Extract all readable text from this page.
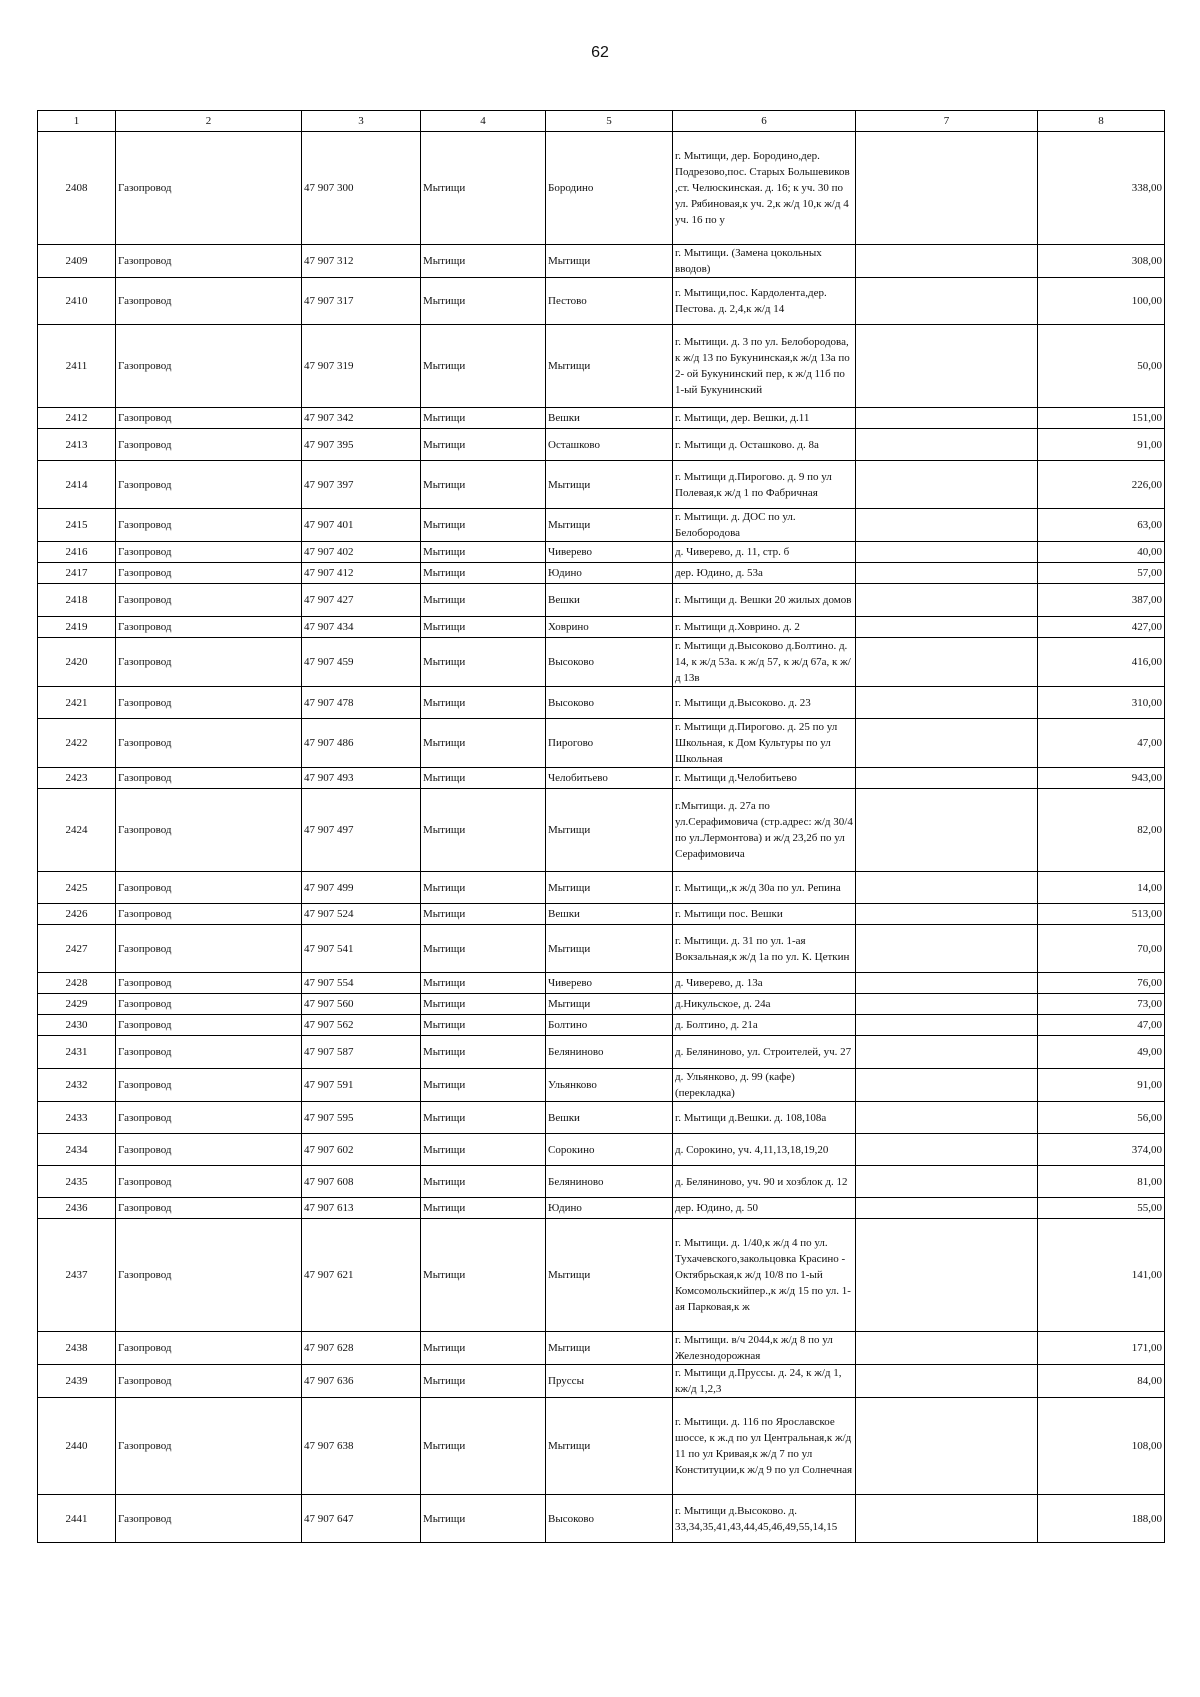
62
1	2	3	4	5	6	7	8
2408	Газопровод	47 907 300	Мытищи	Бородино	г. Мытищи, дер. Бородино,дер. Подрезово,пос. Старых Большевиков ,ст. Челюскинская. д. 16; к уч. 30 по ул. Рябиновая,к уч. 2,к ж/д 10,к ж/д 4 уч. 16 по у		338,00
2409	Газопровод	47 907 312	Мытищи	Мытищи	г. Мытищи. (Замена цокольных вводов)		308,00
2410	Газопровод	47 907 317	Мытищи	Пестово	г. Мытищи,пос. Кардолента,дер. Пестова. д. 2,4,к ж/д 14		100,00
2411	Газопровод	47 907 319	Мытищи	Мытищи	г. Мытищи. д. 3 по ул. Белобородова, к ж/д 13 по Букунинская,к ж/д 13а по 2- ой Букунинский пер, к ж/д 11б по 1-ый Букунинский		50,00
2412	Газопровод	47 907 342	Мытищи	Вешки	г. Мытищи, дер. Вешки, д.11		151,00
2413	Газопровод	47 907 395	Мытищи	Осташково	г. Мытищи д. Осташково. д. 8а		91,00
2414	Газопровод	47 907 397	Мытищи	Мытищи	г. Мытищи д.Пирогово. д. 9 по ул Полевая,к ж/д 1 по Фабричная		226,00
2415	Газопровод	47 907 401	Мытищи	Мытищи	г. Мытищи. д. ДОС по ул. Белобородова		63,00
2416	Газопровод	47 907 402	Мытищи	Чиверево	д. Чиверево, д. 11, стр. б		40,00
2417	Газопровод	47 907 412	Мытищи	Юдино	дер. Юдино, д. 53а		57,00
2418	Газопровод	47 907 427	Мытищи	Вешки	г. Мытищи д. Вешки 20 жилых домов		387,00
2419	Газопровод	47 907 434	Мытищи	Ховрино	г. Мытищи д.Ховрино. д. 2		427,00
2420	Газопровод	47 907 459	Мытищи	Высоково	г. Мытищи д.Высоково д.Болтино. д. 14, к ж/д 53а. к ж/д 57, к ж/д 67а, к ж/д 13в		416,00
2421	Газопровод	47 907 478	Мытищи	Высоково	г. Мытищи д.Высоково. д. 23		310,00
2422	Газопровод	47 907 486	Мытищи	Пирогово	г. Мытищи д.Пирогово. д. 25 по ул Школьная, к Дом Культуры по ул Школьная		47,00
2423	Газопровод	47 907 493	Мытищи	Челобитьево	г. Мытищи д.Челобитьево		943,00
2424	Газопровод	47 907 497	Мытищи	Мытищи	г.Мытищи. д. 27а по ул.Серафимовича (стр.адрес: ж/д 30/4 по ул.Лермонтова) и ж/д 23,2б по ул Серафимовича		82,00
2425	Газопровод	47 907 499	Мытищи	Мытищи	г. Мытищи,,к ж/д 30а по ул. Репина		14,00
2426	Газопровод	47 907 524	Мытищи	Вешки	г. Мытищи пос. Вешки		513,00
2427	Газопровод	47 907 541	Мытищи	Мытищи	г. Мытищи. д. 31 по ул. 1-ая Вокзальная,к ж/д 1а по ул. К. Цеткин		70,00
2428	Газопровод	47 907 554	Мытищи	Чиверево	д. Чиверево, д. 13а		76,00
2429	Газопровод	47 907 560	Мытищи	Мытищи	д.Никульское, д. 24а		73,00
2430	Газопровод	47 907 562	Мытищи	Болтино	д. Болтино, д. 21а		47,00
2431	Газопровод	47 907 587	Мытищи	Беляниново	д. Беляниново, ул. Строителей, уч. 27		49,00
2432	Газопровод	47 907 591	Мытищи	Ульянково	д. Ульянково, д. 99 (кафе) (перекладка)		91,00
2433	Газопровод	47 907 595	Мытищи	Вешки	г. Мытищи д.Вешки. д. 108,108а		56,00
2434	Газопровод	47 907 602	Мытищи	Сорокино	д. Сорокино, уч. 4,11,13,18,19,20		374,00
2435	Газопровод	47 907 608	Мытищи	Беляниново	д. Беляниново, уч. 90 и хозблок д. 12		81,00
2436	Газопровод	47 907 613	Мытищи	Юдино	дер. Юдино, д. 50		55,00
2437	Газопровод	47 907 621	Мытищи	Мытищи	г. Мытищи. д. 1/40,к ж/д 4 по ул. Тухачевского,закольцовка Красино - Октябрьская,к ж/д 10/8 по 1-ый Комсомольскийпер.,к ж/д 15 по ул. 1-ая Парковая,к ж		141,00
2438	Газопровод	47 907 628	Мытищи	Мытищи	г. Мытищи. в/ч 2044,к ж/д 8 по ул Железнодорожная		171,00
2439	Газопровод	47 907 636	Мытищи	Пруссы	г. Мытищи д.Пруссы. д. 24, к ж/д 1, кж/д 1,2,3		84,00
2440	Газопровод	47 907 638	Мытищи	Мытищи	г. Мытищи. д. 116 по Ярославское шоссе, к ж.д по ул Центральная,к ж/д 11 по ул Кривая,к ж/д 7 по ул Конституции,к ж/д 9 по ул Солнечная		108,00
2441	Газопровод	47 907 647	Мытищи	Высоково	г. Мытищи д.Высоково. д. 33,34,35,41,43,44,45,46,49,55,14,15		188,00
